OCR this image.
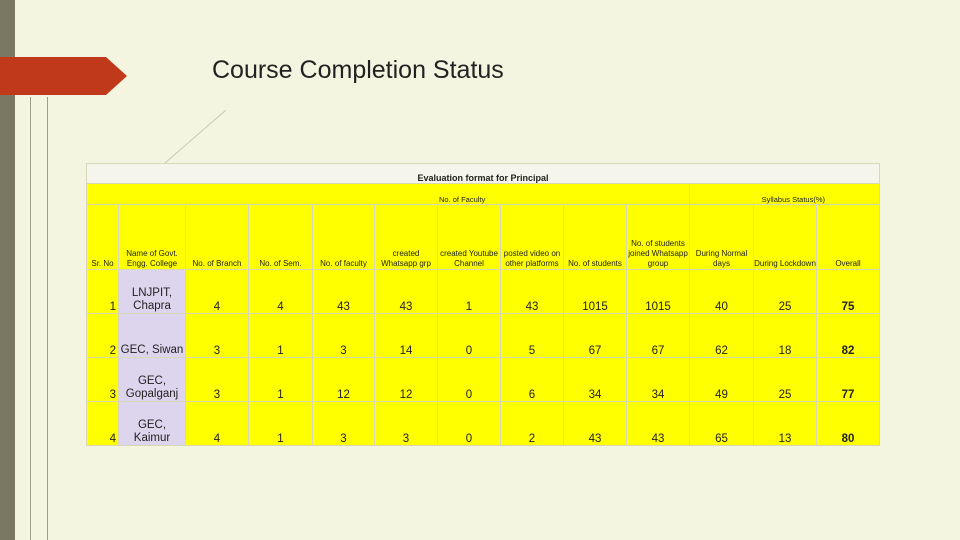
Course Completion Status
Evaluation format for Principal												
No. of Faculty										Syllabus Status(%)		
Sr. No	Name of Govt. Engg. College	No. of Branch	No. of Sem.	No. of faculty	created Whatsapp grp	created Youtube Channel	posted video on other platforms	No. of students	No. of students joined Whatsapp group	During Normal days	During Lockdown	Overall
1	LNJPIT, Chapra	4	4	43	43	1	43	1015	1015	40	25	75
2	GEC, Siwan	3	1	3	14	0	5	67	67	62	18	82
3	GEC, Gopalganj	3	1	12	12	0	6	34	34	49	25	77
4	GEC, Kaimur	4	1	3	3	0	2	43	43	65	13	80
